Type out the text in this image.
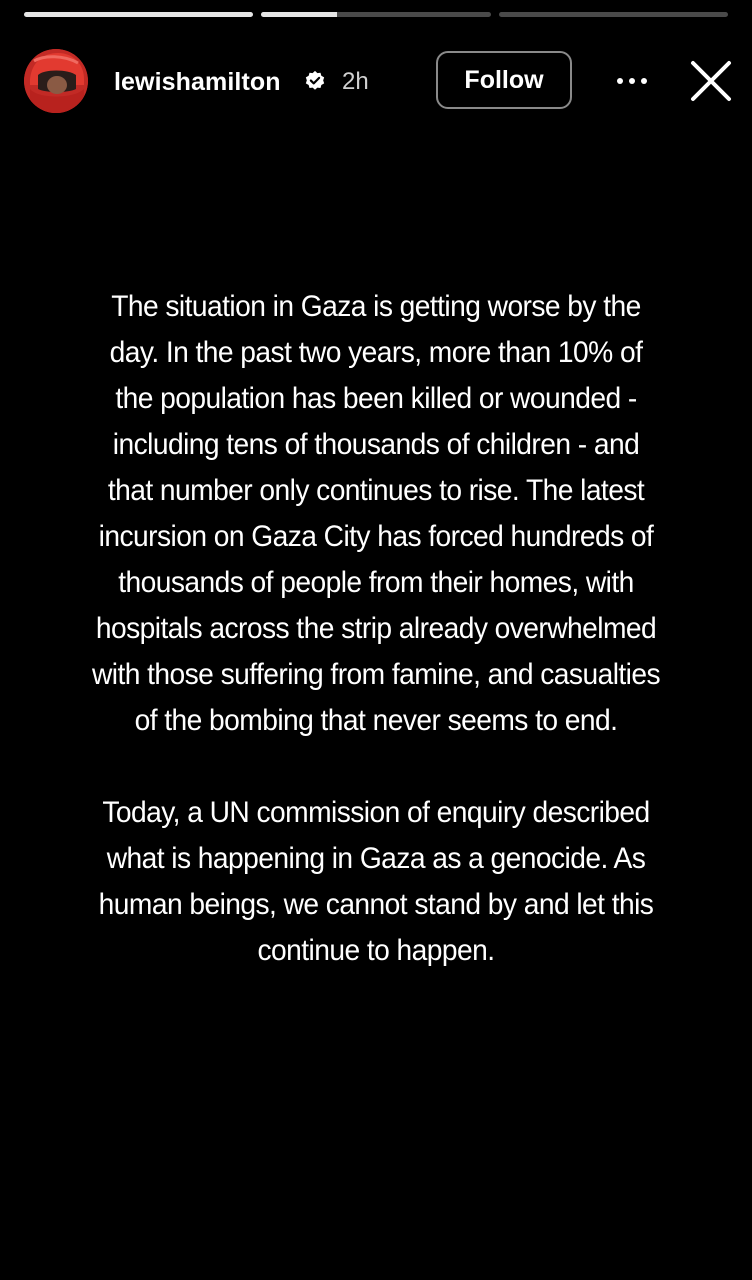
lewishamilton	2h	Follow

The situation in Gaza is getting worse by the day. In the past two years, more than 10% of the population has been killed or wounded - including tens of thousands of children - and that number only continues to rise. The latest incursion on Gaza City has forced hundreds of thousands of people from their homes, with hospitals across the strip already overwhelmed with those suffering from famine, and casualties of the bombing that never seems to end.

Today, a UN commission of enquiry described what is happening in Gaza as a genocide. As human beings, we cannot stand by and let this continue to happen.
